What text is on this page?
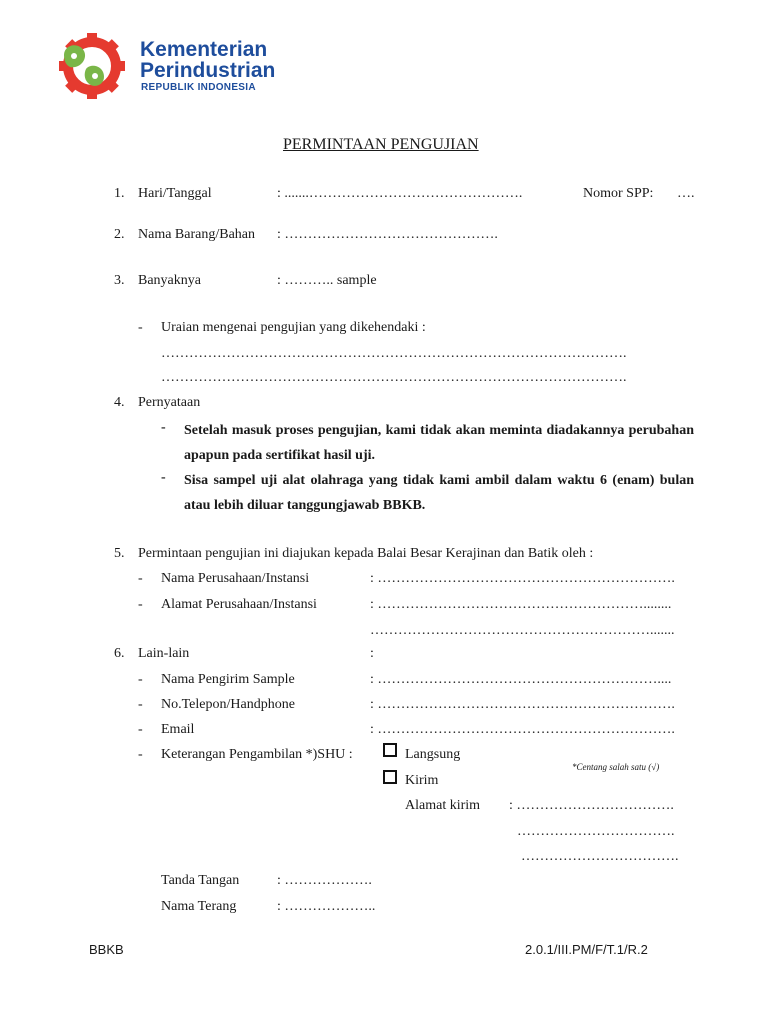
Kementerian
Perindustrian
REPUBLIK INDONESIA
PERMINTAAN PENGUJIAN
1. Hari/Tanggal	: .......……………………………………….	Nomor SPP: ….
2. Nama Barang/Bahan : ……………………………………….
3. Banyaknya	: ……….. sample
- Uraian mengenai pengujian yang dikehendaki :
……………………………………………………………………………………….
……………………………………………………………………………………….
4. Pernyataan
- Setelah masuk proses pengujian, kami tidak akan meminta diadakannya perubahan apapun pada sertifikat hasil uji.
- Sisa sampel uji alat olahraga yang tidak kami ambil dalam waktu 6 (enam) bulan atau lebih diluar tanggungjawab BBKB.
5. Permintaan pengujian ini diajukan kepada Balai Besar Kerajinan dan Batik oleh :
- Nama Perusahaan/Instansi	: ……………………………………………………….
- Alamat Perusahaan/Instansi	: …………………………………………………........
…………………………………………………….......
6. Lain-lain	:
- Nama Pengirim Sample	: ……………………………………………………....
- No.Telepon/Handphone	: ……………………………………………………….
- Email	: ……………………………………………………….
- Keterangan Pengambilan *)SHU :	Langsung
*Centang salah satu (√)
Kirim
Alamat kirim : …………………………….
…………………………….
…………………………….
Tanda Tangan	: ……………….
Nama Terang	: ………………..
BBKB	2.0.1/III.PM/F/T.1/R.2
